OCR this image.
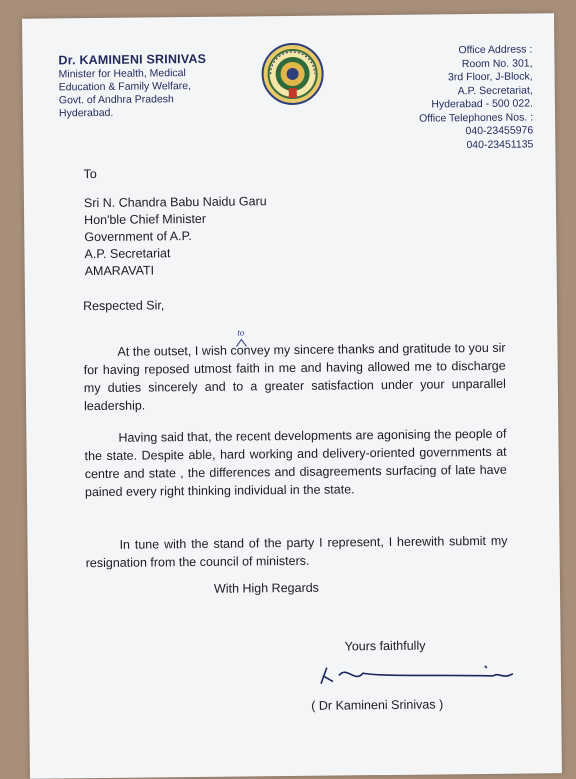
Dr. KAMINENI SRINIVAS
Minister for Health, Medical
Education & Family Welfare,
Govt. of Andhra Pradesh
Hyderabad.
Office Address :
Room No. 301,
3rd Floor, J-Block,
A.P. Secretariat,
Hyderabad - 500 022.
Office Telephones Nos. :
040-23455976
040-23451135
To
Sri N. Chandra Babu Naidu Garu
Hon'ble Chief Minister
Government of A.P.
A.P. Secretariat
AMARAVATI
Respected Sir,
to
At the outset, I wish convey my sincere thanks and gratitude to you sir for having reposed utmost faith in me and having allowed me to discharge my duties sincerely and to a greater satisfaction under your unparallel leadership.
Having said that, the recent developments are agonising the people of the state. Despite able, hard working and delivery-oriented governments at centre and state , the differences and disagreements surfacing of late have pained every right thinking individual in the state.
In tune with the stand of the party I represent, I herewith submit my resignation from the council of ministers.
With High Regards
Yours faithfully
( Dr Kamineni Srinivas )
